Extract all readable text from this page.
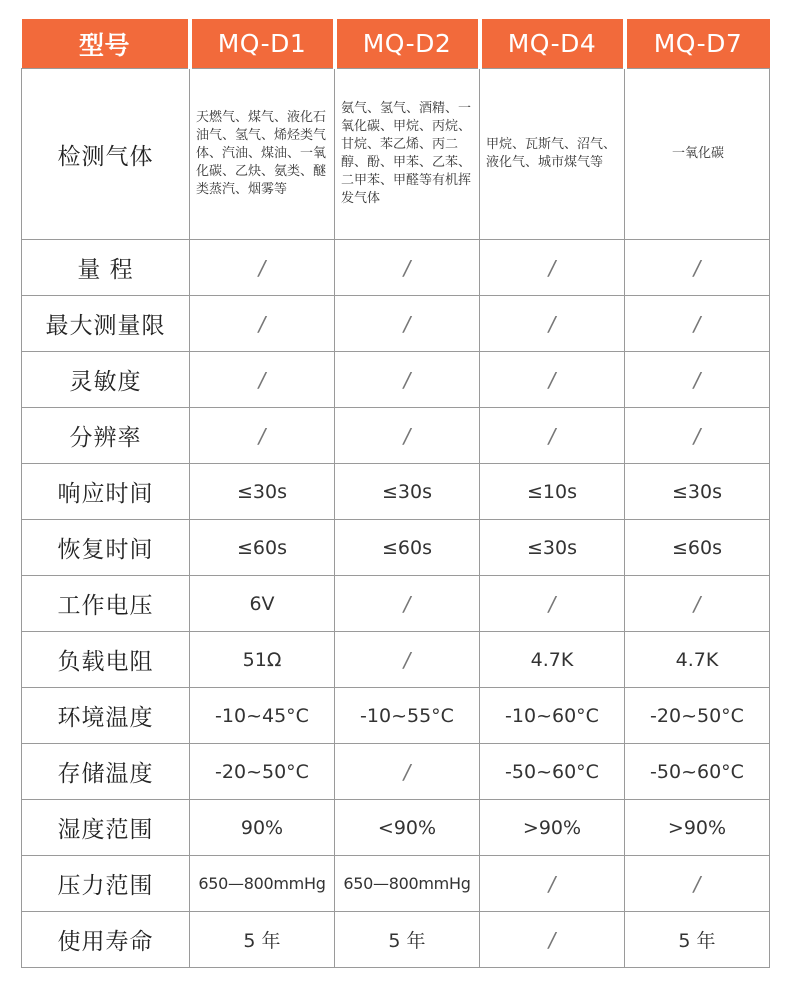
型号	MQ-D1	MQ-D2	MQ-D4	MQ-D7
检测气体	天燃气、煤气、液化石油气、氢气、烯烃类气体、汽油、煤油、一氧化碳、乙炔、氨类、醚类蒸汽、烟雾等	氨气、氢气、酒精、一氧化碳、甲烷、丙烷、甘烷、苯乙烯、丙二醇、酚、甲苯、乙苯、二甲苯、甲醛等有机挥发气体	甲烷、瓦斯气、沼气、液化气、城市煤气等	一氧化碳
量 程	/	/	/	/
最大测量限	/	/	/	/
灵敏度	/	/	/	/
分辨率	/	/	/	/
响应时间	≤30s	≤30s	≤10s	≤30s
恢复时间	≤60s	≤60s	≤30s	≤60s
工作电压	6V	/	/	/
负载电阻	51Ω	/	4.7K	4.7K
环境温度	-10~45°C	-10~55°C	-10~60°C	-20~50°C
存储温度	-20~50°C	/	-50~60°C	-50~60°C
湿度范围	90%	<90%	>90%	>90%
压力范围	650—800mmHg	650—800mmHg	/	/
使用寿命	5 年	5 年	/	5 年
